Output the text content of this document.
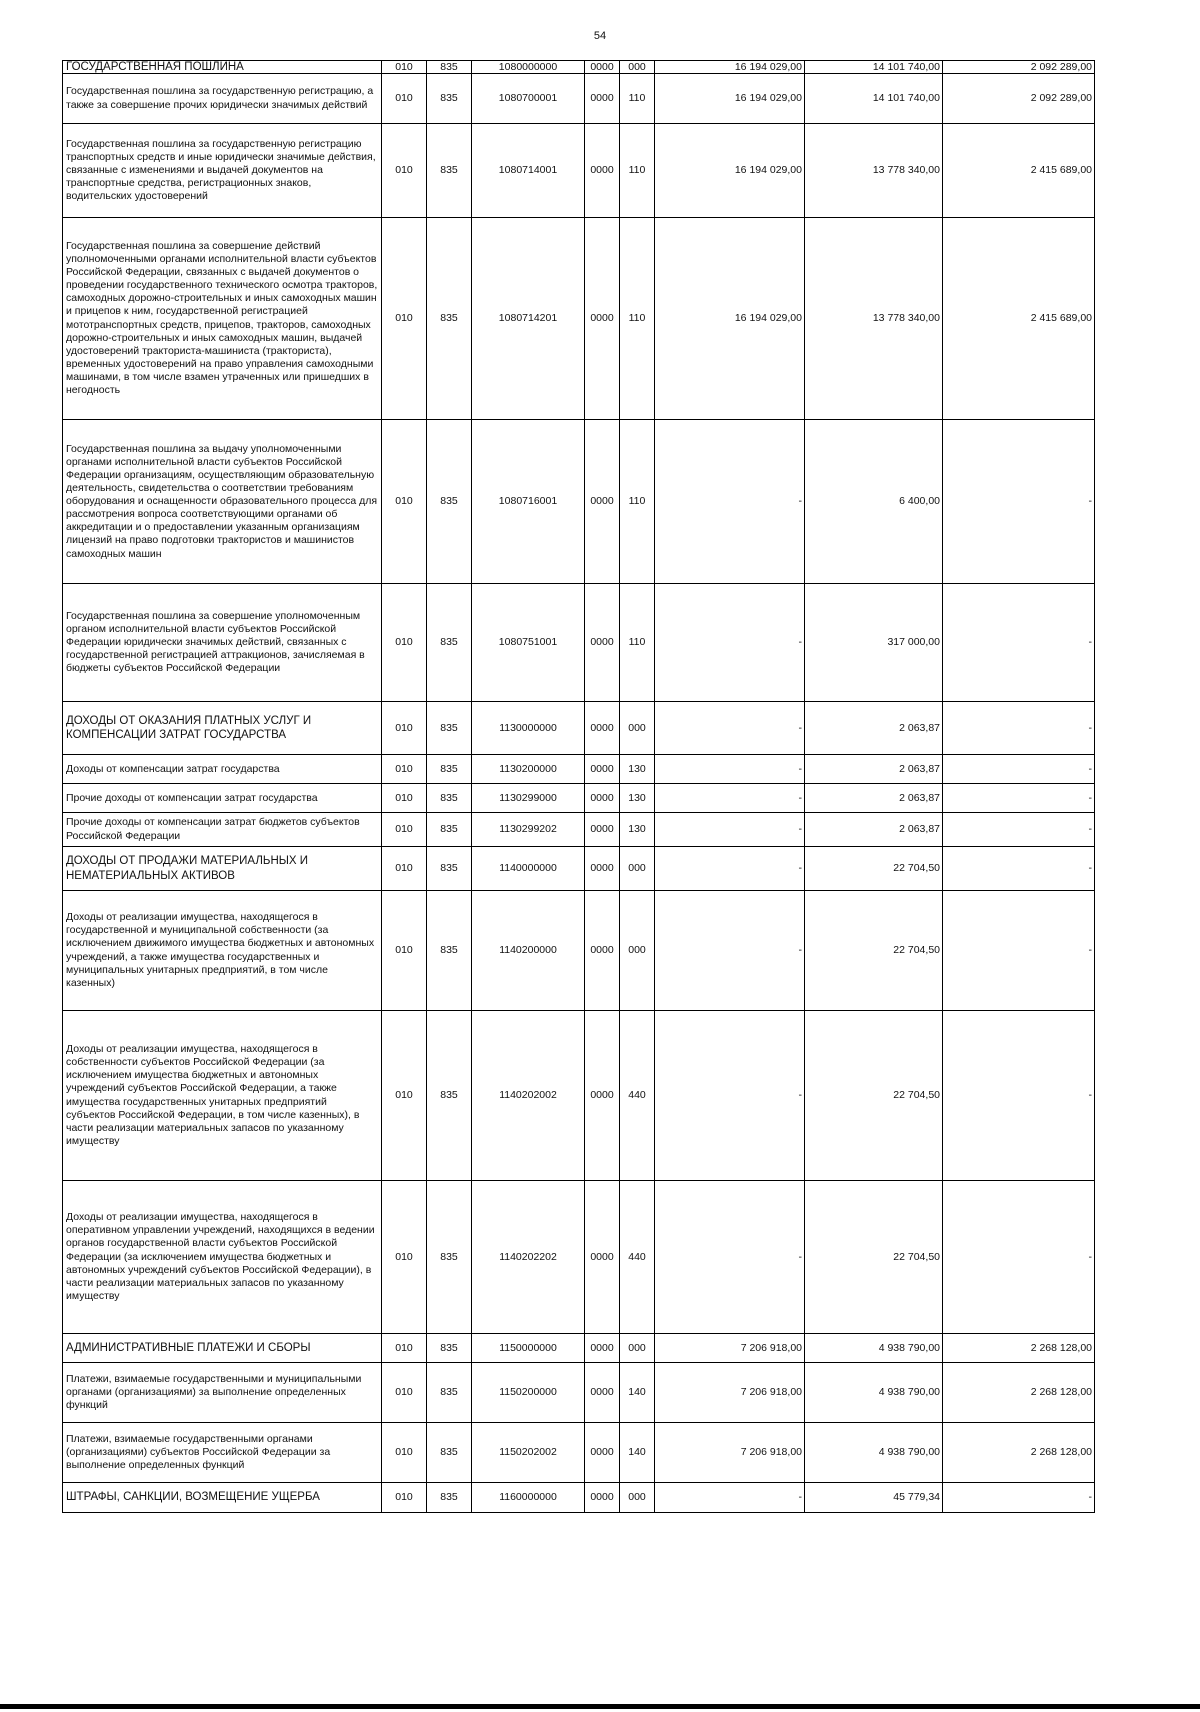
54
ГОСУДАРСТВЕННАЯ ПОШЛИНА	010	835	1080000000	0000	000	16 194 029,00	14 101 740,00	2 092 289,00
Государственная пошлина за государственную регистрацию, а также за совершение прочих юридически значимых действий	010	835	1080700001	0000	110	16 194 029,00	14 101 740,00	2 092 289,00
Государственная пошлина за государственную регистрацию транспортных средств и иные юридически значимые действия, связанные с изменениями и выдачей документов на транспортные средства, регистрационных знаков, водительских удостоверений	010	835	1080714001	0000	110	16 194 029,00	13 778 340,00	2 415 689,00
Государственная пошлина за совершение действий уполномоченными органами исполнительной власти субъектов Российской Федерации, связанных с выдачей документов о проведении государственного технического осмотра тракторов, самоходных дорожно-строительных и иных самоходных машин и прицепов к ним, государственной регистрацией мототранспортных средств, прицепов, тракторов, самоходных дорожно-строительных и иных самоходных машин, выдачей удостоверений тракториста-машиниста (тракториста), временных удостоверений на право управления самоходными машинами, в том числе взамен утраченных или пришедших в негодность	010	835	1080714201	0000	110	16 194 029,00	13 778 340,00	2 415 689,00
Государственная пошлина за выдачу уполномоченными органами исполнительной власти субъектов Российской Федерации организациям, осуществляющим образовательную деятельность, свидетельства о соответствии требованиям оборудования и оснащенности образовательного процесса для рассмотрения вопроса соответствующими органами об аккредитации и о предоставлении указанным организациям лицензий на право подготовки трактористов и машинистов самоходных машин	010	835	1080716001	0000	110	-	6 400,00	-
Государственная пошлина за совершение уполномоченным органом исполнительной власти субъектов Российской Федерации юридически значимых действий, связанных с государственной регистрацией аттракционов, зачисляемая в бюджеты субъектов Российской Федерации	010	835	1080751001	0000	110	-	317 000,00	-
ДОХОДЫ ОТ ОКАЗАНИЯ ПЛАТНЫХ УСЛУГ И КОМПЕНСАЦИИ ЗАТРАТ ГОСУДАРСТВА	010	835	1130000000	0000	000	-	2 063,87	-
Доходы от компенсации затрат государства	010	835	1130200000	0000	130	-	2 063,87	-
Прочие доходы от компенсации затрат государства	010	835	1130299000	0000	130	-	2 063,87	-
Прочие доходы от компенсации затрат бюджетов субъектов Российской Федерации	010	835	1130299202	0000	130	-	2 063,87	-
ДОХОДЫ ОТ ПРОДАЖИ МАТЕРИАЛЬНЫХ И НЕМАТЕРИАЛЬНЫХ АКТИВОВ	010	835	1140000000	0000	000	-	22 704,50	-
Доходы от реализации имущества, находящегося в государственной и муниципальной собственности (за исключением движимого имущества бюджетных и автономных учреждений, а также имущества государственных и муниципальных унитарных предприятий, в том числе казенных)	010	835	1140200000	0000	000	-	22 704,50	-
Доходы от реализации имущества, находящегося в собственности субъектов Российской Федерации (за исключением имущества бюджетных и автономных учреждений субъектов Российской Федерации, а также имущества государственных унитарных предприятий субъектов Российской Федерации, в том числе казенных), в части реализации материальных запасов по указанному имуществу	010	835	1140202002	0000	440	-	22 704,50	-
Доходы от реализации имущества, находящегося в оперативном управлении учреждений, находящихся в ведении органов государственной власти субъектов Российской Федерации (за исключением имущества бюджетных и автономных учреждений субъектов Российской Федерации), в части реализации материальных запасов по указанному имуществу	010	835	1140202202	0000	440	-	22 704,50	-
АДМИНИСТРАТИВНЫЕ ПЛАТЕЖИ И СБОРЫ	010	835	1150000000	0000	000	7 206 918,00	4 938 790,00	2 268 128,00
Платежи, взимаемые государственными и муниципальными органами (организациями) за выполнение определенных функций	010	835	1150200000	0000	140	7 206 918,00	4 938 790,00	2 268 128,00
Платежи, взимаемые государственными органами (организациями) субъектов Российской Федерации за выполнение определенных функций	010	835	1150202002	0000	140	7 206 918,00	4 938 790,00	2 268 128,00
ШТРАФЫ, САНКЦИИ, ВОЗМЕЩЕНИЕ УЩЕРБА	010	835	1160000000	0000	000	-	45 779,34	-
